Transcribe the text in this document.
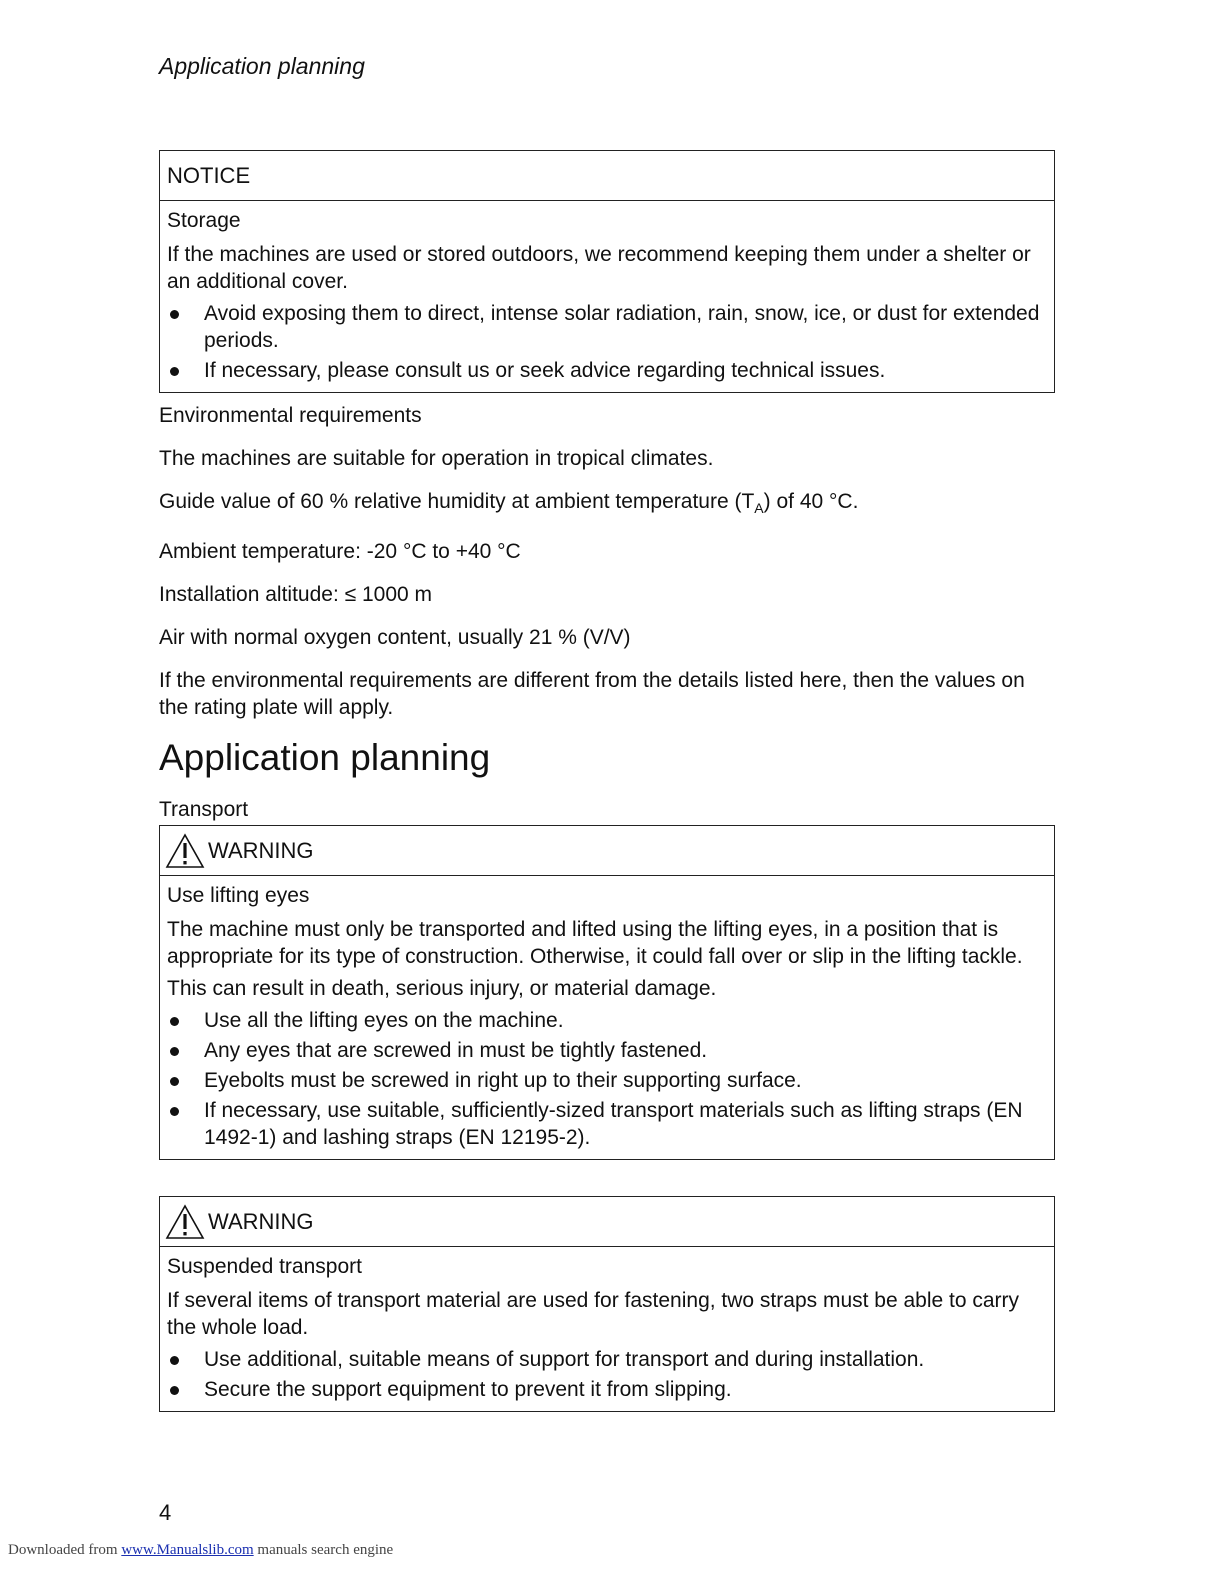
Application planning
NOTICE
Storage
If the machines are used or stored outdoors, we recommend keeping them under a shelter or an additional cover.
Avoid exposing them to direct, intense solar radiation, rain, snow, ice, or dust for extended periods.
If necessary, please consult us or seek advice regarding technical issues.

Environmental requirements

The machines are suitable for operation in tropical climates.

Guide value of 60 % relative humidity at ambient temperature $(T_A)$ of 40 °C.

Ambient temperature: -20 °C to +40 °C

Installation altitude: ≤ 1000 m

Air with normal oxygen content, usually 21 % (V/V)

If the environmental requirements are different from the details listed here, then the values on the rating plate will apply.

Application planning
Transport
WARNING
Use lifting eyes
The machine must only be transported and lifted using the lifting eyes, in a position that is appropriate for its type of construction. Otherwise, it could fall over or slip in the lifting tackle.
This can result in death, serious injury, or material damage.
Use all the lifting eyes on the machine.
Any eyes that are screwed in must be tightly fastened.
Eyebolts must be screwed in right up to their supporting surface.
If necessary, use suitable, sufficiently-sized transport materials such as lifting straps (EN 1492-1) and lashing straps (EN 12195-2).
WARNING
Suspended transport
If several items of transport material are used for fastening, two straps must be able to carry the whole load.
Use additional, suitable means of support for transport and during installation.
Secure the support equipment to prevent it from slipping.
4
Downloaded from www.Manualslib.com manuals search engine
